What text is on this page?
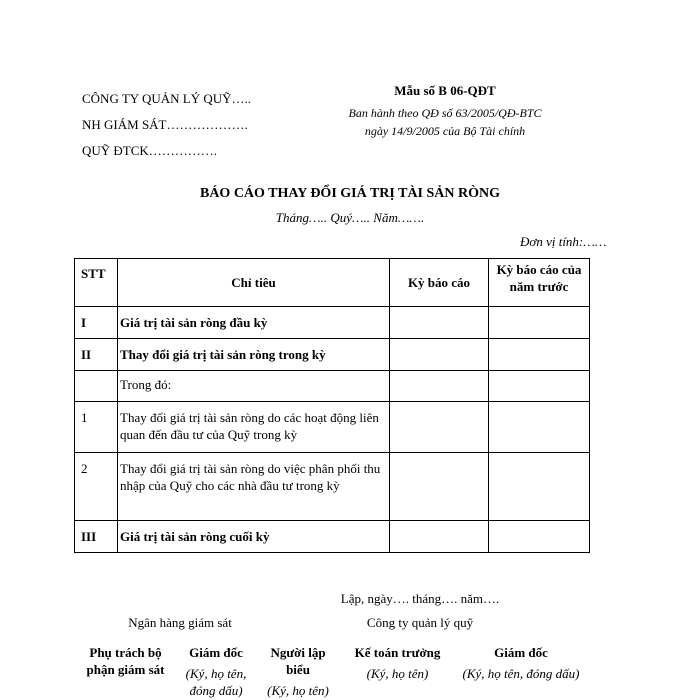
CÔNG TY QUẢN LÝ QUỸ…..
NH GIÁM SÁT……………….
QUỸ ĐTCK…………….
Mẫu số B 06-QĐT
Ban hành theo QĐ số 63/2005/QĐ-BTC
ngày 14/9/2005 của Bộ Tài chính
BÁO CÁO THAY ĐỔI GIÁ TRỊ TÀI SẢN RÒNG
Tháng….. Quý….. Năm…….
Đơn vị tính:……
STT	Chỉ tiêu	Kỳ báo cáo	Kỳ báo cáo của năm trước
I	Giá trị tài sản ròng đầu kỳ		
II	Thay đổi giá trị tài sản ròng trong kỳ		
	Trong đó:		
1	Thay đổi giá trị tài sản ròng do các hoạt động liên quan đến đầu tư của Quỹ trong kỳ		
2	Thay đổi giá trị tài sản ròng do việc phân phối thu nhập của Quỹ cho các nhà đầu tư trong kỳ		
III	Giá trị tài sản ròng cuối kỳ		
Lập, ngày…. tháng…. năm….
Ngân hàng giám sát	Công ty quản lý quỹ
Phụ trách bộ phận giám sát
Giám đốc
(Ký, họ tên, đóng dấu)
Người lập biểu
(Ký, họ tên)
Kế toán trưởng
(Ký, họ tên)
Giám đốc
(Ký, họ tên, đóng dấu)
